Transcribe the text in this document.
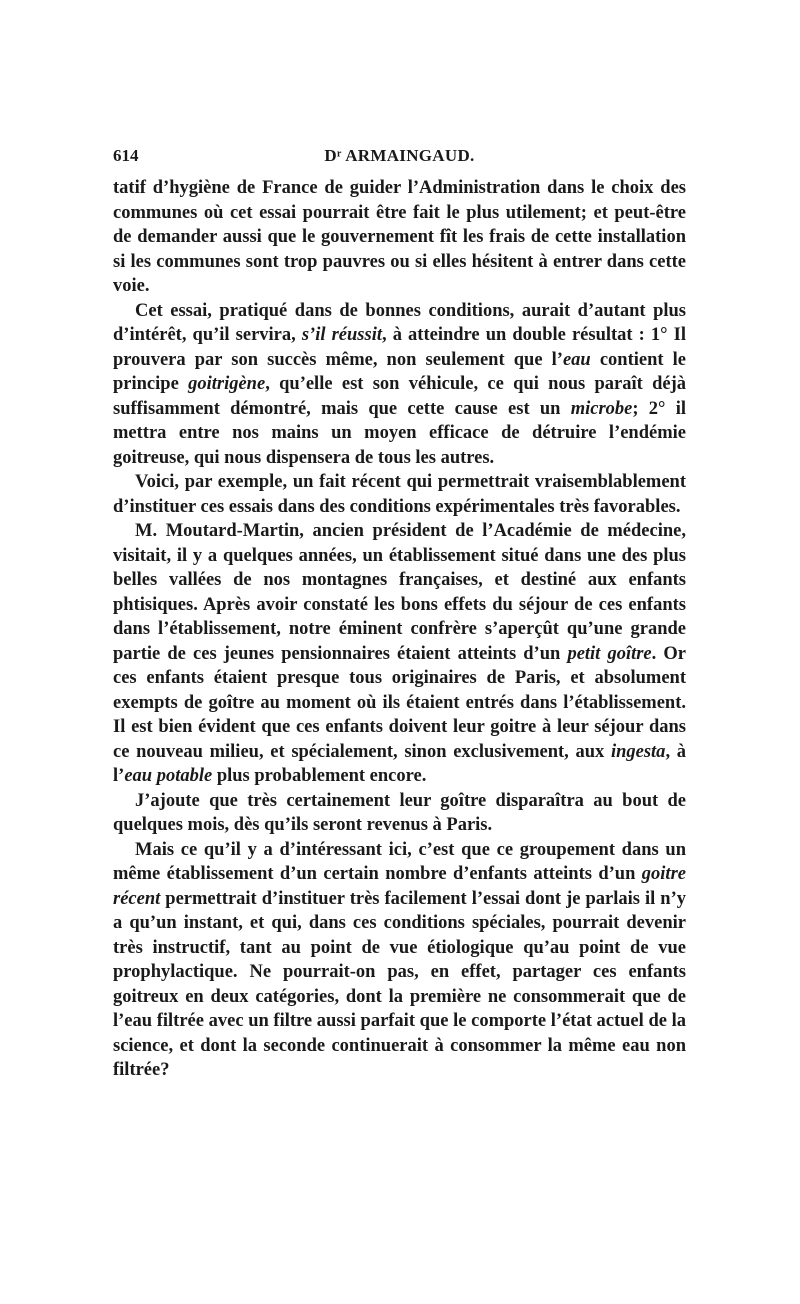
614	Dʳ ARMAINGAUD.

tatif d’hygiène de France de guider l’Administration dans le choix des communes où cet essai pourrait être fait le plus utilement; et peut-être de demander aussi que le gouvernement fît les frais de cette installation si les communes sont trop pauvres ou si elles hésitent à entrer dans cette voie.

Cet essai, pratiqué dans de bonnes conditions, aurait d’autant plus d’intérêt, qu’il servira, s’il réussit, à atteindre un double résultat : 1° Il prouvera par son succès même, non seulement que l’eau contient le principe goitrigène, qu’elle est son véhicule, ce qui nous paraît déjà suffisamment démontré, mais que cette cause est un microbe; 2° il mettra entre nos mains un moyen efficace de détruire l’endémie goitreuse, qui nous dispensera de tous les autres.

Voici, par exemple, un fait récent qui permettrait vraisemblablement d’instituer ces essais dans des conditions expérimentales très favorables.

M. Moutard-Martin, ancien président de l’Académie de médecine, visitait, il y a quelques années, un établissement situé dans une des plus belles vallées de nos montagnes françaises, et destiné aux enfants phtisiques. Après avoir constaté les bons effets du séjour de ces enfants dans l’établissement, notre éminent confrère s’aperçût qu’une grande partie de ces jeunes pensionnaires étaient atteints d’un petit goître. Or ces enfants étaient presque tous originaires de Paris, et absolument exempts de goître au moment où ils étaient entrés dans l’établissement. Il est bien évident que ces enfants doivent leur goitre à leur séjour dans ce nouveau milieu, et spécialement, sinon exclusivement, aux ingesta, à l’eau potable plus probablement encore.

J’ajoute que très certainement leur goître disparaîtra au bout de quelques mois, dès qu’ils seront revenus à Paris.

Mais ce qu’il y a d’intéressant ici, c’est que ce groupement dans un même établissement d’un certain nombre d’enfants atteints d’un goitre récent permettrait d’instituer très facilement l’essai dont je parlais il n’y a qu’un instant, et qui, dans ces conditions spéciales, pourrait devenir très instructif, tant au point de vue étiologique qu’au point de vue prophylactique. Ne pourrait-on pas, en effet, partager ces enfants goitreux en deux catégories, dont la première ne consommerait que de l’eau filtrée avec un filtre aussi parfait que le comporte l’état actuel de la science, et dont la seconde continuerait à consommer la même eau non filtrée?
